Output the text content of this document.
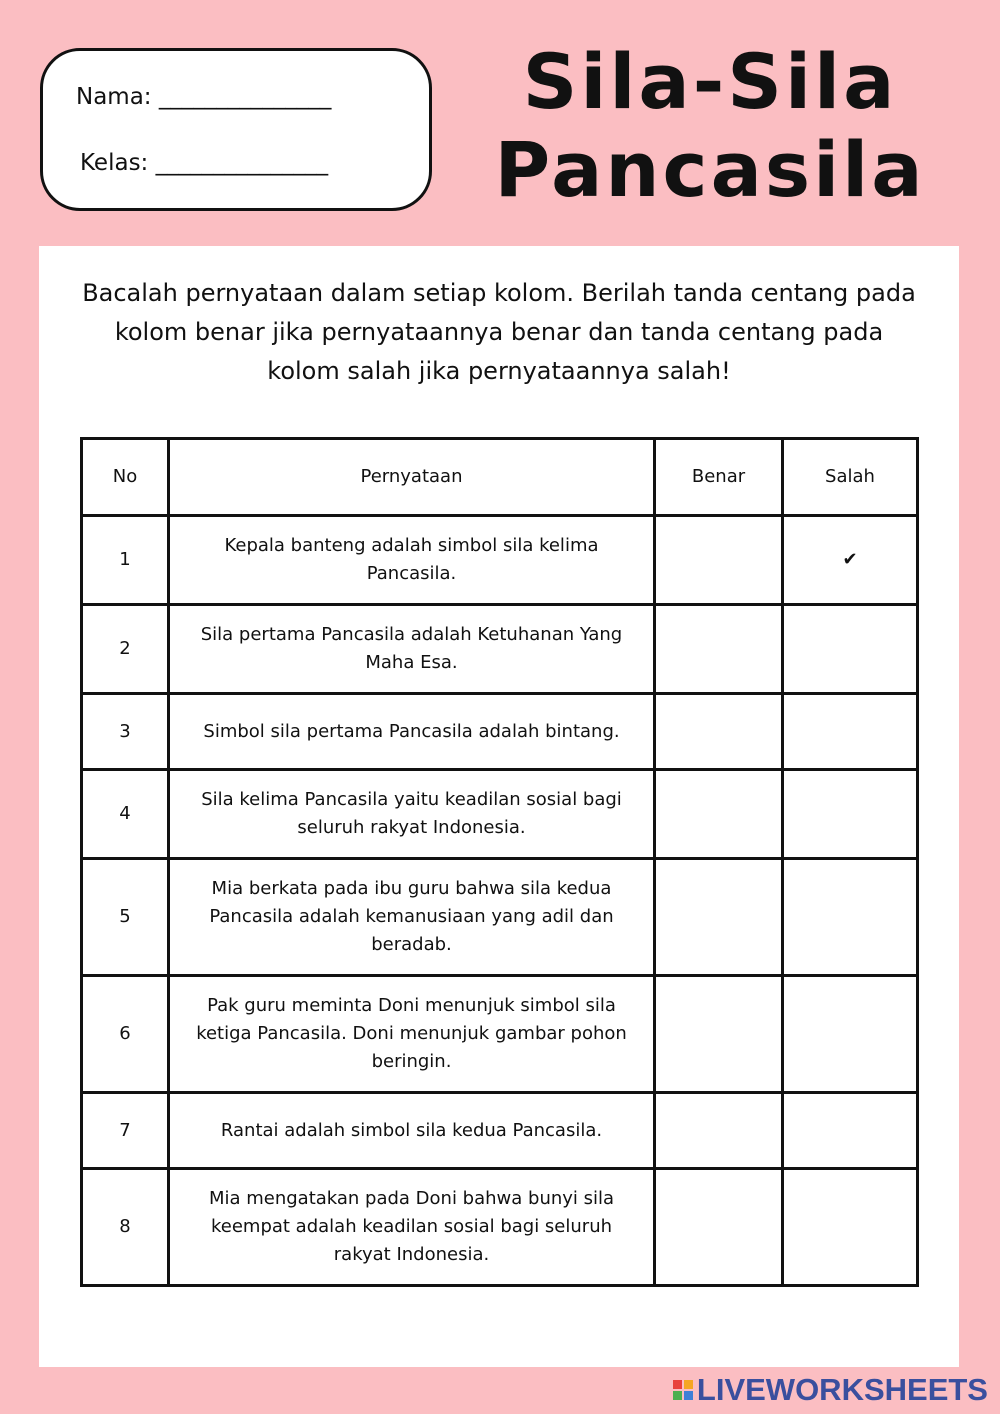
Nama: _______________
Kelas: _______________
Sila-Sila
Pancasila
Bacalah pernyataan dalam setiap kolom. Berilah tanda centang pada kolom benar jika pernyataannya benar dan tanda centang pada kolom salah jika pernyataannya salah!
No	Pernyataan	Benar	Salah
1	Kepala banteng adalah simbol sila kelima Pancasila.		✔
2	Sila pertama Pancasila adalah Ketuhanan Yang Maha Esa.		
3	Simbol sila pertama Pancasila adalah bintang.		
4	Sila kelima Pancasila yaitu keadilan sosial bagi seluruh rakyat Indonesia.		
5	Mia berkata pada ibu guru bahwa sila kedua Pancasila adalah kemanusiaan yang adil dan beradab.		
6	Pak guru meminta Doni menunjuk simbol sila ketiga Pancasila. Doni menunjuk gambar pohon beringin.		
7	Rantai adalah simbol sila kedua Pancasila.		
8	Mia mengatakan pada Doni bahwa bunyi sila keempat adalah keadilan sosial bagi seluruh rakyat Indonesia.		
LIVEWORKSHEETS
